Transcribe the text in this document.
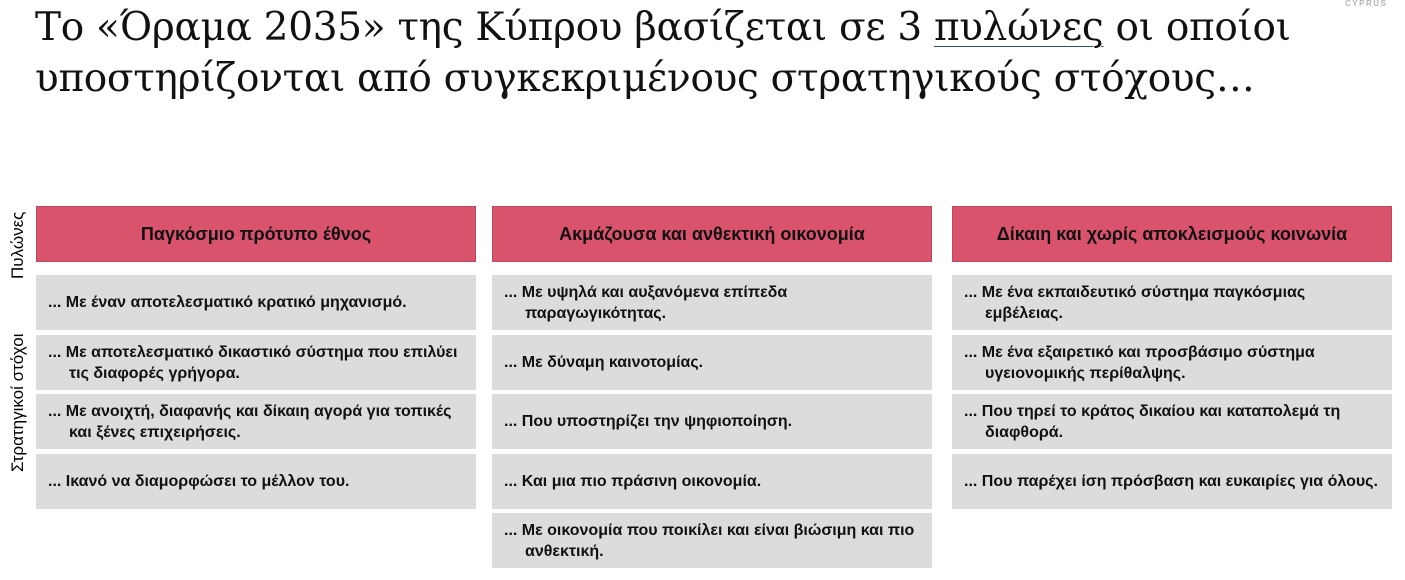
CYPRUS
Το «Όραμα 2035» της Κύπρου βασίζεται σε 3 πυλώνες οι οποίοι υποστηρίζονται από συγκεκριμένους στρατηγικούς στόχους…
Πυλώνες
Στρατηγικοί στόχοι
Παγκόσμιο πρότυπο έθνος
... Με έναν αποτελεσματικό κρατικό μηχανισμό.
... Με αποτελεσματικό δικαστικό σύστημα που επιλύει τις διαφορές γρήγορα.
... Με ανοιχτή, διαφανής και δίκαιη αγορά για τοπικές και ξένες επιχειρήσεις.
... Ικανό να διαμορφώσει το μέλλον του.
Ακμάζουσα και ανθεκτική οικονομία
... Με υψηλά και αυξανόμενα επίπεδα παραγωγικότητας.
... Με δύναμη καινοτομίας.
... Που υποστηρίζει την ψηφιοποίηση.
... Και μια πιο πράσινη οικονομία.
... Με οικονομία που ποικίλει και είναι βιώσιμη και πιο ανθεκτική.
Δίκαιη και χωρίς αποκλεισμούς κοινωνία
... Με ένα εκπαιδευτικό σύστημα παγκόσμιας εμβέλειας.
... Με ένα εξαιρετικό και προσβάσιμο σύστημα υγειονομικής περίθαλψης.
... Που τηρεί το κράτος δικαίου και καταπολεμά τη διαφθορά.
... Που παρέχει ίση πρόσβαση και ευκαιρίες για όλους.
